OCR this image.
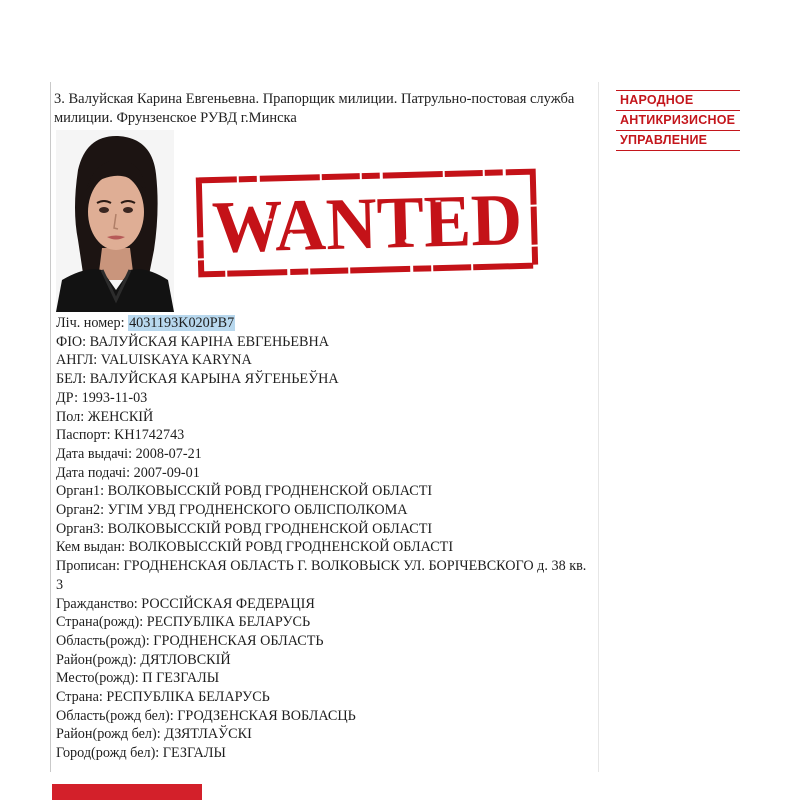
3. Валуйская Карина Евгеньевна. Прапорщик милиции. Патрульно-постовая служба милиции. Фрунзенское РУВД г.Минска
WANTED
Лiч. номер: 4031193K020PB7
ФIО: ВАЛУЙСКАЯ КАРIНА ЕВГЕНЬЕВНА
АНГЛ: VALUISKAYA KARYNA
БЕЛ: ВАЛУЙСКАЯ КАРЫНА ЯЎГЕНЬЕЎНА
ДР: 1993-11-03
Пол: ЖЕНСКIЙ
Паспорт: KH1742743
Дата выдачi: 2008-07-21
Дата подачi: 2007-09-01
Орган1: ВОЛКОВЫССКIЙ РОВД ГРОДНЕНСКОЙ ОБЛАСТI
Орган2: УГIМ УВД ГРОДНЕНСКОГО ОБЛIСПОЛКОМА
Орган3: ВОЛКОВЫССКIЙ РОВД ГРОДНЕНСКОЙ ОБЛАСТI
Кем выдан: ВОЛКОВЫССКIЙ РОВД ГРОДНЕНСКОЙ ОБЛАСТI
Прописан: ГРОДНЕНСКАЯ ОБЛАСТЬ Г. ВОЛКОВЫСК УЛ. БОРIЧЕВСКОГО д. 38 кв. 3
Гражданство: РОССIЙСКАЯ ФЕДЕРАЦIЯ
Страна(рожд): РЕСПУБЛIКА БЕЛАРУСЬ
Область(рожд): ГРОДНЕНСКАЯ ОБЛАСТЬ
Район(рожд): ДЯТЛОВСКIЙ
Место(рожд): П ГЕЗГАЛЫ
Страна: РЕСПУБЛIКА БЕЛАРУСЬ
Область(рожд бел): ГРОДЗЕНСКАЯ ВОБЛАСЦЬ
Район(рожд бел): ДЗЯТЛАЎСКI
Город(рожд бел): ГЕЗГАЛЫ
НАРОДНОЕ
АНТИКРИЗИСНОЕ
УПРАВЛЕНИЕ
